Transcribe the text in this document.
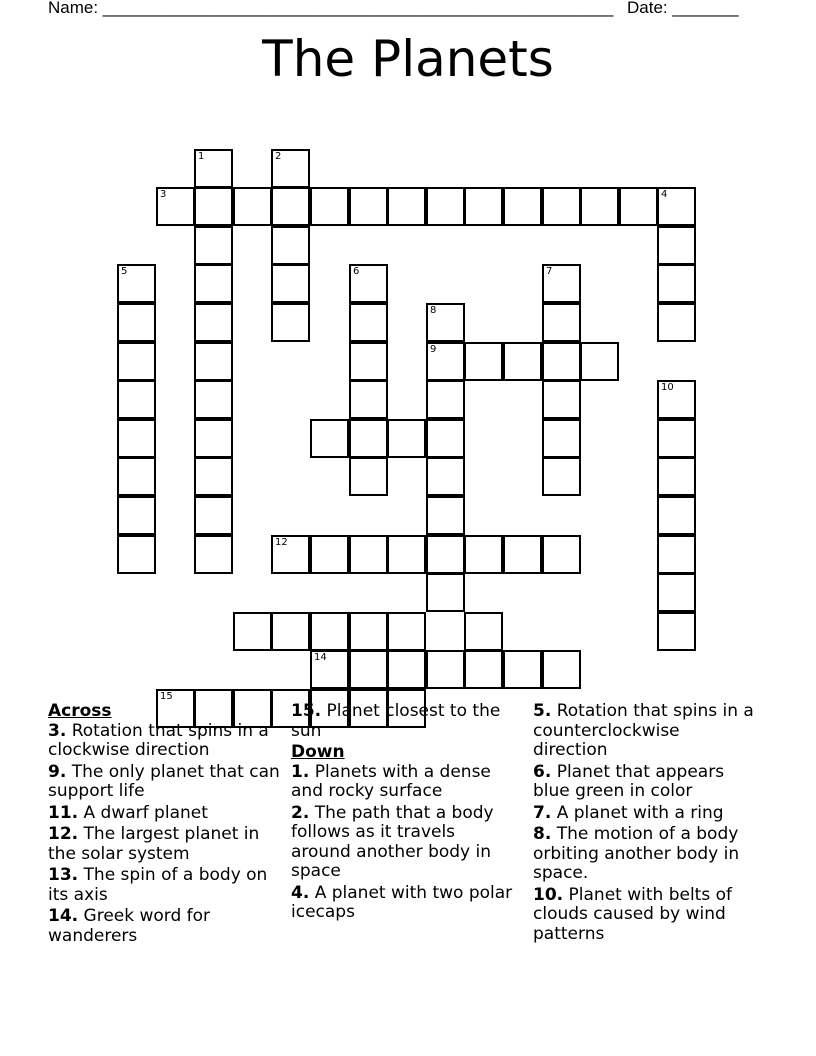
Name: ______________________________________________________ Date: _______
The Planets
3
1	2
4
5	6	7
8
9
10
12
14
15
Across
3. Rotation that spins in a clockwise direction
9. The only planet that can support life
11. A dwarf planet
12. The largest planet in the solar system
13. The spin of a body on its axis
14. Greek word for wanderers
15. Planet closest to the sun
Down
1. Planets with a dense and rocky surface
2. The path that a body follows as it travels around another body in space
4. A planet with two polar icecaps
5. Rotation that spins in a counterclockwise direction
6. Planet that appears blue green in color
7. A planet with a ring
8. The motion of a body orbiting another body in space.
10. Planet with belts of clouds caused by wind patterns
